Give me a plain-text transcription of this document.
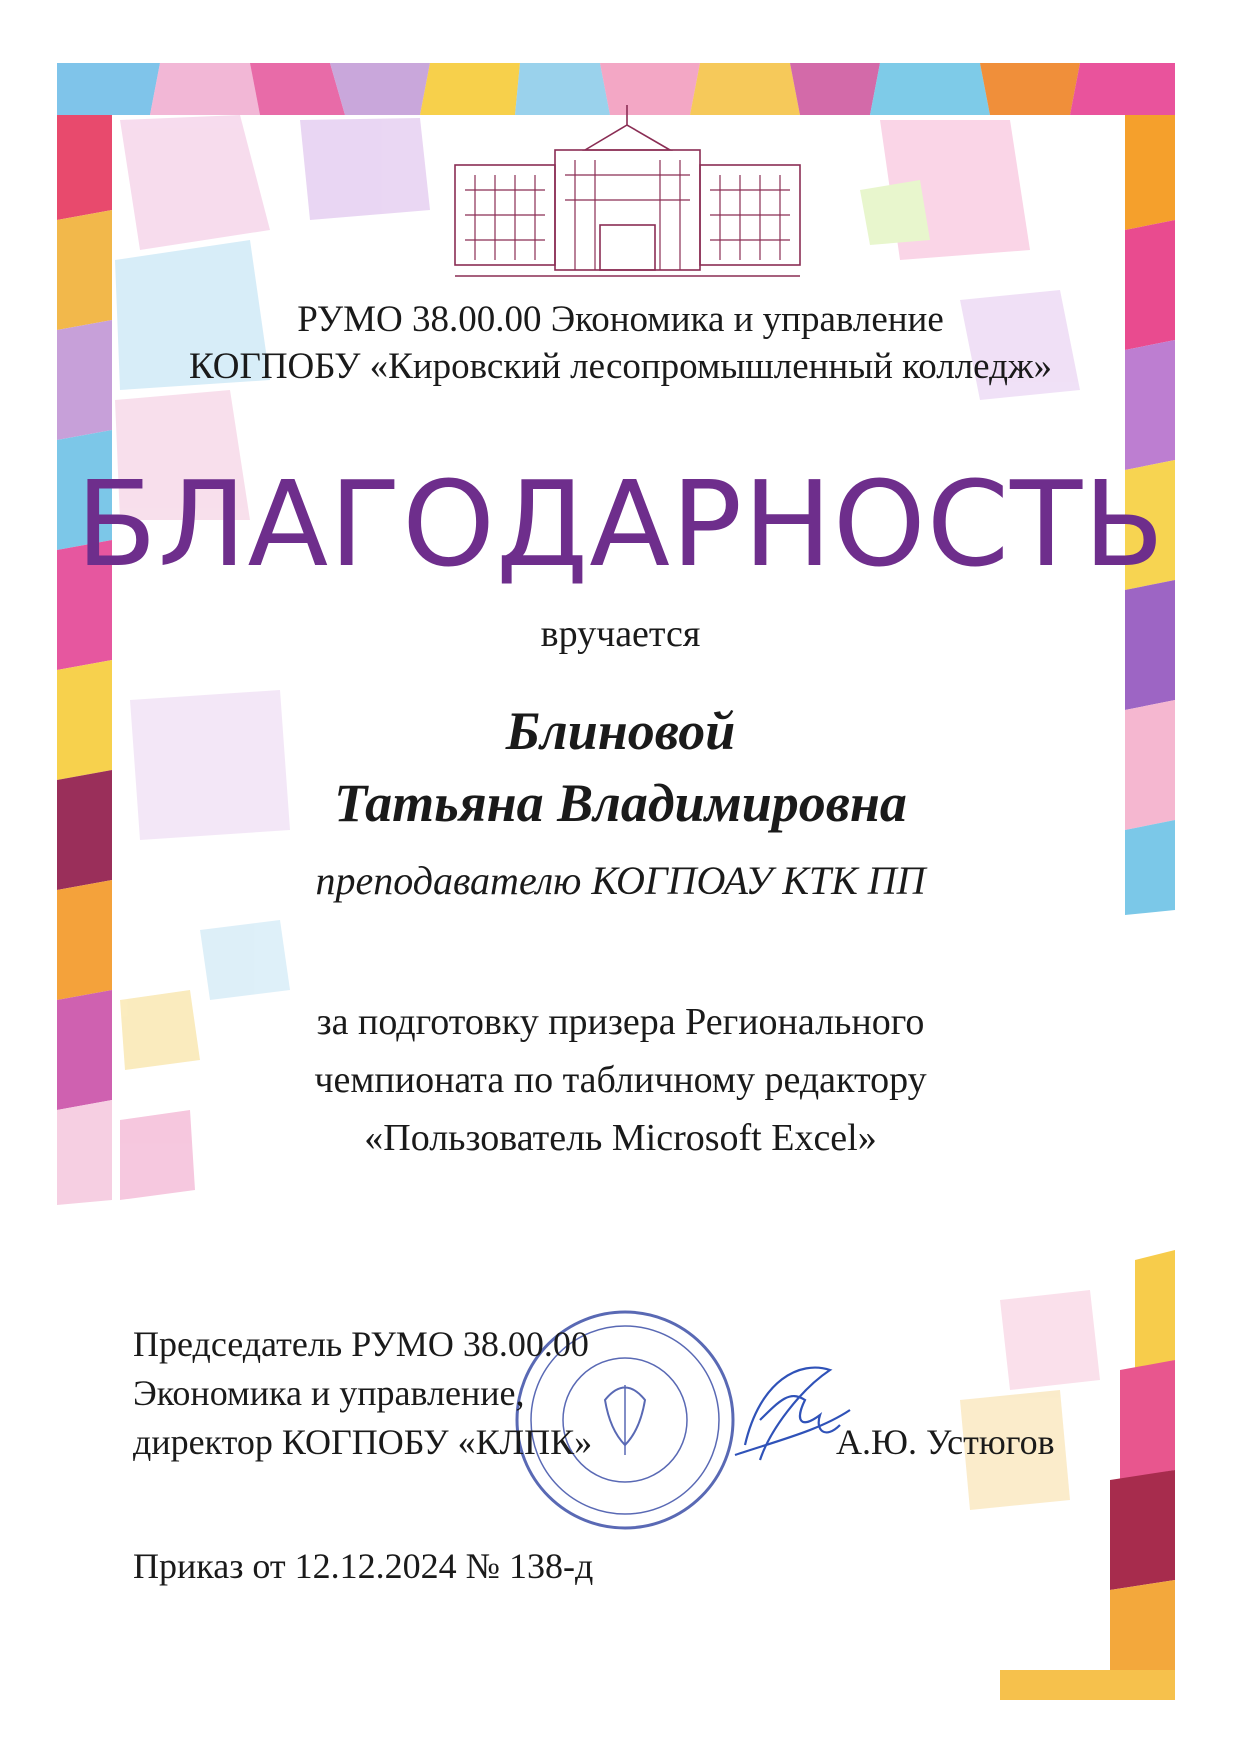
РУМО 38.00.00 Экономика и управление
КОГПОБУ «Кировский лесопромышленный колледж»
БЛАГОДАРНОСТЬ
вручается
Блиновой
Татьяна Владимировна
преподавателю КОГПОАУ КТК ПП
за подготовку призера Регионального
чемпионата по табличному редактору
«Пользователь Microsoft Excel»
Председатель РУМО 38.00.00
Экономика и управление,
директор КОГПОБУ «КЛПК»	А.Ю. Устюгов
Приказ от 12.12.2024 № 138-д
